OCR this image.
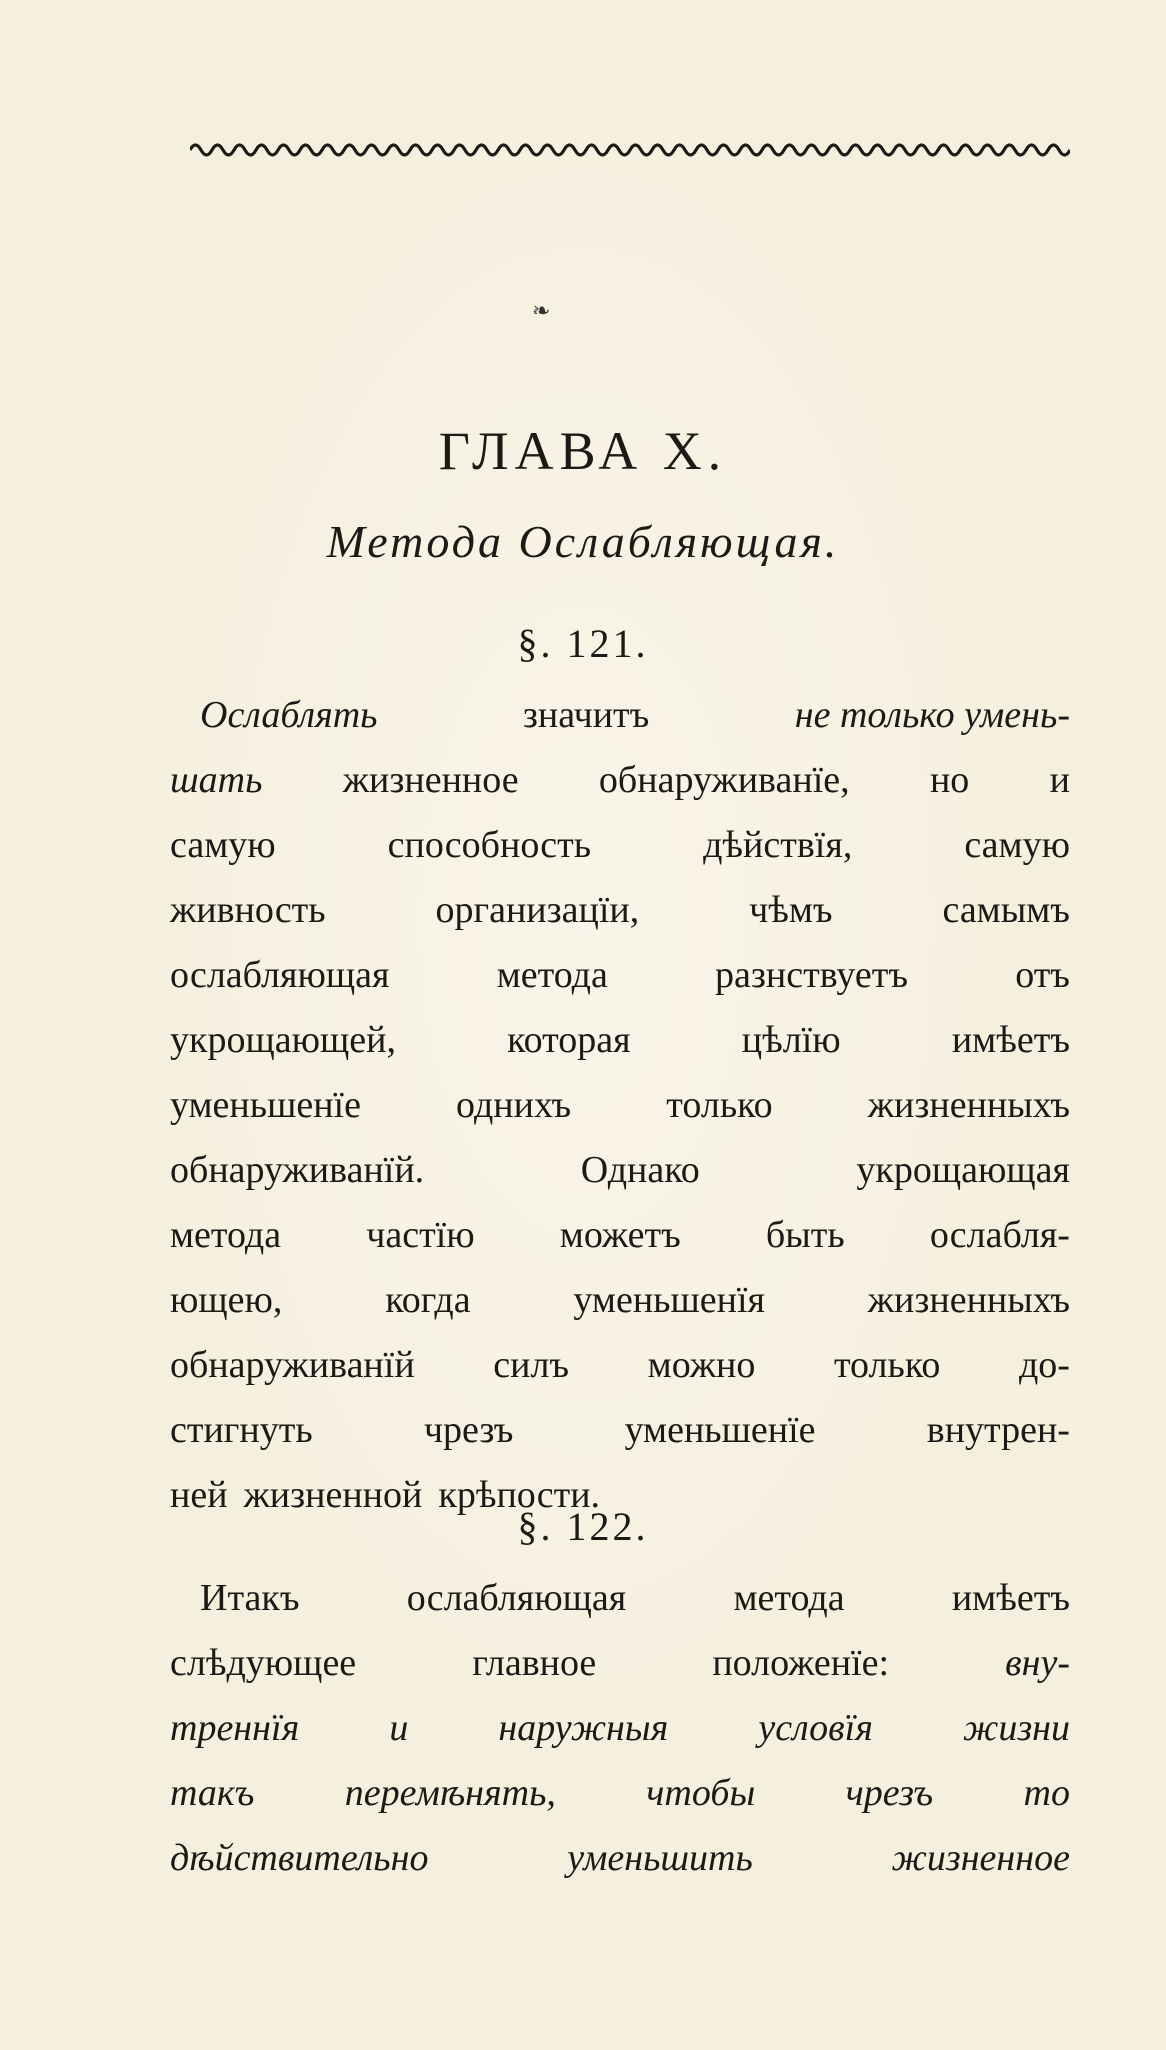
❧
ГЛАВА X.
Метода Ослабляющая.
§. 121.
Ослаблять	значитъ	не только умень-
шать жизненное обнаруживанïе, но и
самую	способность	дѣйствïя,	самую
живность	организацïи,	чѣмъ	самымъ
ослабляющая	метода	разнствуетъ	отъ
укрощающей,	которая	цѣлïю	имѣетъ
уменьшенïе	однихъ	только	жизненныхъ
обнаруживанïй.	Однако	укрощающая
метода частïю можетъ быть ослабля-
ющею,	когда	уменьшенïя	жизненныхъ
обнаруживанïй силъ можно только до-
стигнуть	чрезъ	уменьшенïе	внутрен-
ней жизненной крѣпости.
§. 122.
Итакъ	ослабляющая	метода	имѣетъ
слѣдующее	главное	положенïе:	вну-
треннïя и наружныя условïя жизни
такъ перемѣнять, чтобы чрезъ то
дѣйствительно	уменьшить	жизненное
